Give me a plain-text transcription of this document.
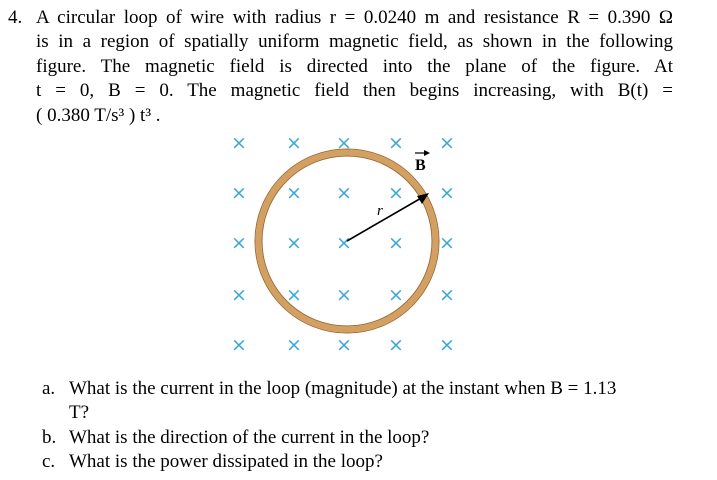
4. A circular loop of wire with radius r = 0.0240 m and resistance R = 0.390 Ω
is in a region of spatially uniform magnetic field, as shown in the following
figure. The magnetic field is directed into the plane of the figure. At
t = 0, B = 0. The magnetic field then begins increasing, with B(t) =
( 0.380 T/s³ ) t³ .
× × × × ×
× × × × ×
× × × × ×
× × × × ×
× × × × ×
r
B
a. What is the current in the loop (magnitude) at the instant when B = 1.13
T?
b. What is the direction of the current in the loop?
c. What is the power dissipated in the loop?
